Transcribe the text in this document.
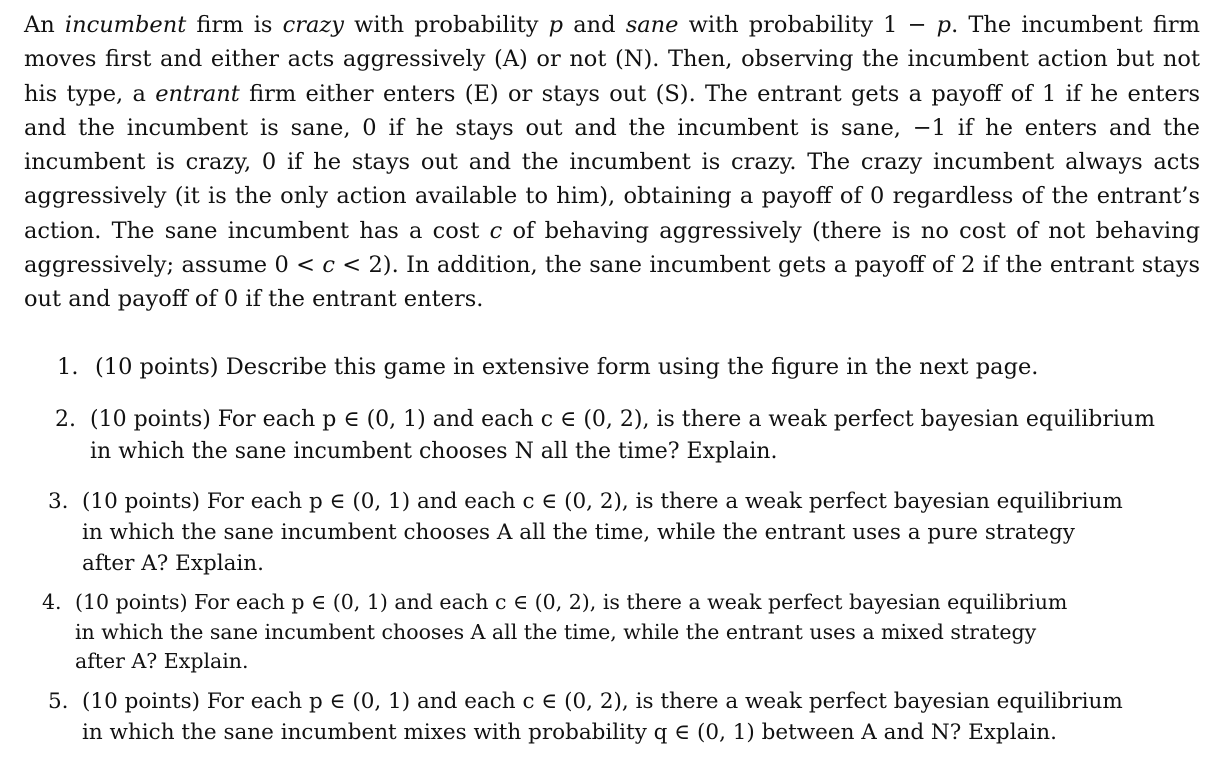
An incumbent firm is crazy with probability p and sane with probability 1 − p. The incumbent firm moves first and either acts aggressively (A) or not (N). Then, observing the incumbent action but not his type, a entrant firm either enters (E) or stays out (S). The entrant gets a payoff of 1 if he enters and the incumbent is sane, 0 if he stays out and the incumbent is sane, −1 if he enters and the incumbent is crazy, 0 if he stays out and the incumbent is crazy. The crazy incumbent always acts aggressively (it is the only action available to him), obtaining a payoff of 0 regardless of the entrant’s action. The sane incumbent has a cost c of behaving aggressively (there is no cost of not behaving aggressively; assume 0 < c < 2). In addition, the sane incumbent gets a payoff of 2 if the entrant stays out and payoff of 0 if the entrant enters.

1. (10 points) Describe this game in extensive form using the figure in the next page.
2. (10 points) For each p ∈ (0, 1) and each c ∈ (0, 2), is there a weak perfect bayesian equilibrium
in which the sane incumbent chooses N all the time? Explain.
3. (10 points) For each p ∈ (0, 1) and each c ∈ (0, 2), is there a weak perfect bayesian equilibrium
in which the sane incumbent chooses A all the time, while the entrant uses a pure strategy
after A? Explain.
4. (10 points) For each p ∈ (0, 1) and each c ∈ (0, 2), is there a weak perfect bayesian equilibrium
in which the sane incumbent chooses A all the time, while the entrant uses a mixed strategy
after A? Explain.
5. (10 points) For each p ∈ (0, 1) and each c ∈ (0, 2), is there a weak perfect bayesian equilibrium
in which the sane incumbent mixes with probability q ∈ (0, 1) between A and N? Explain.
